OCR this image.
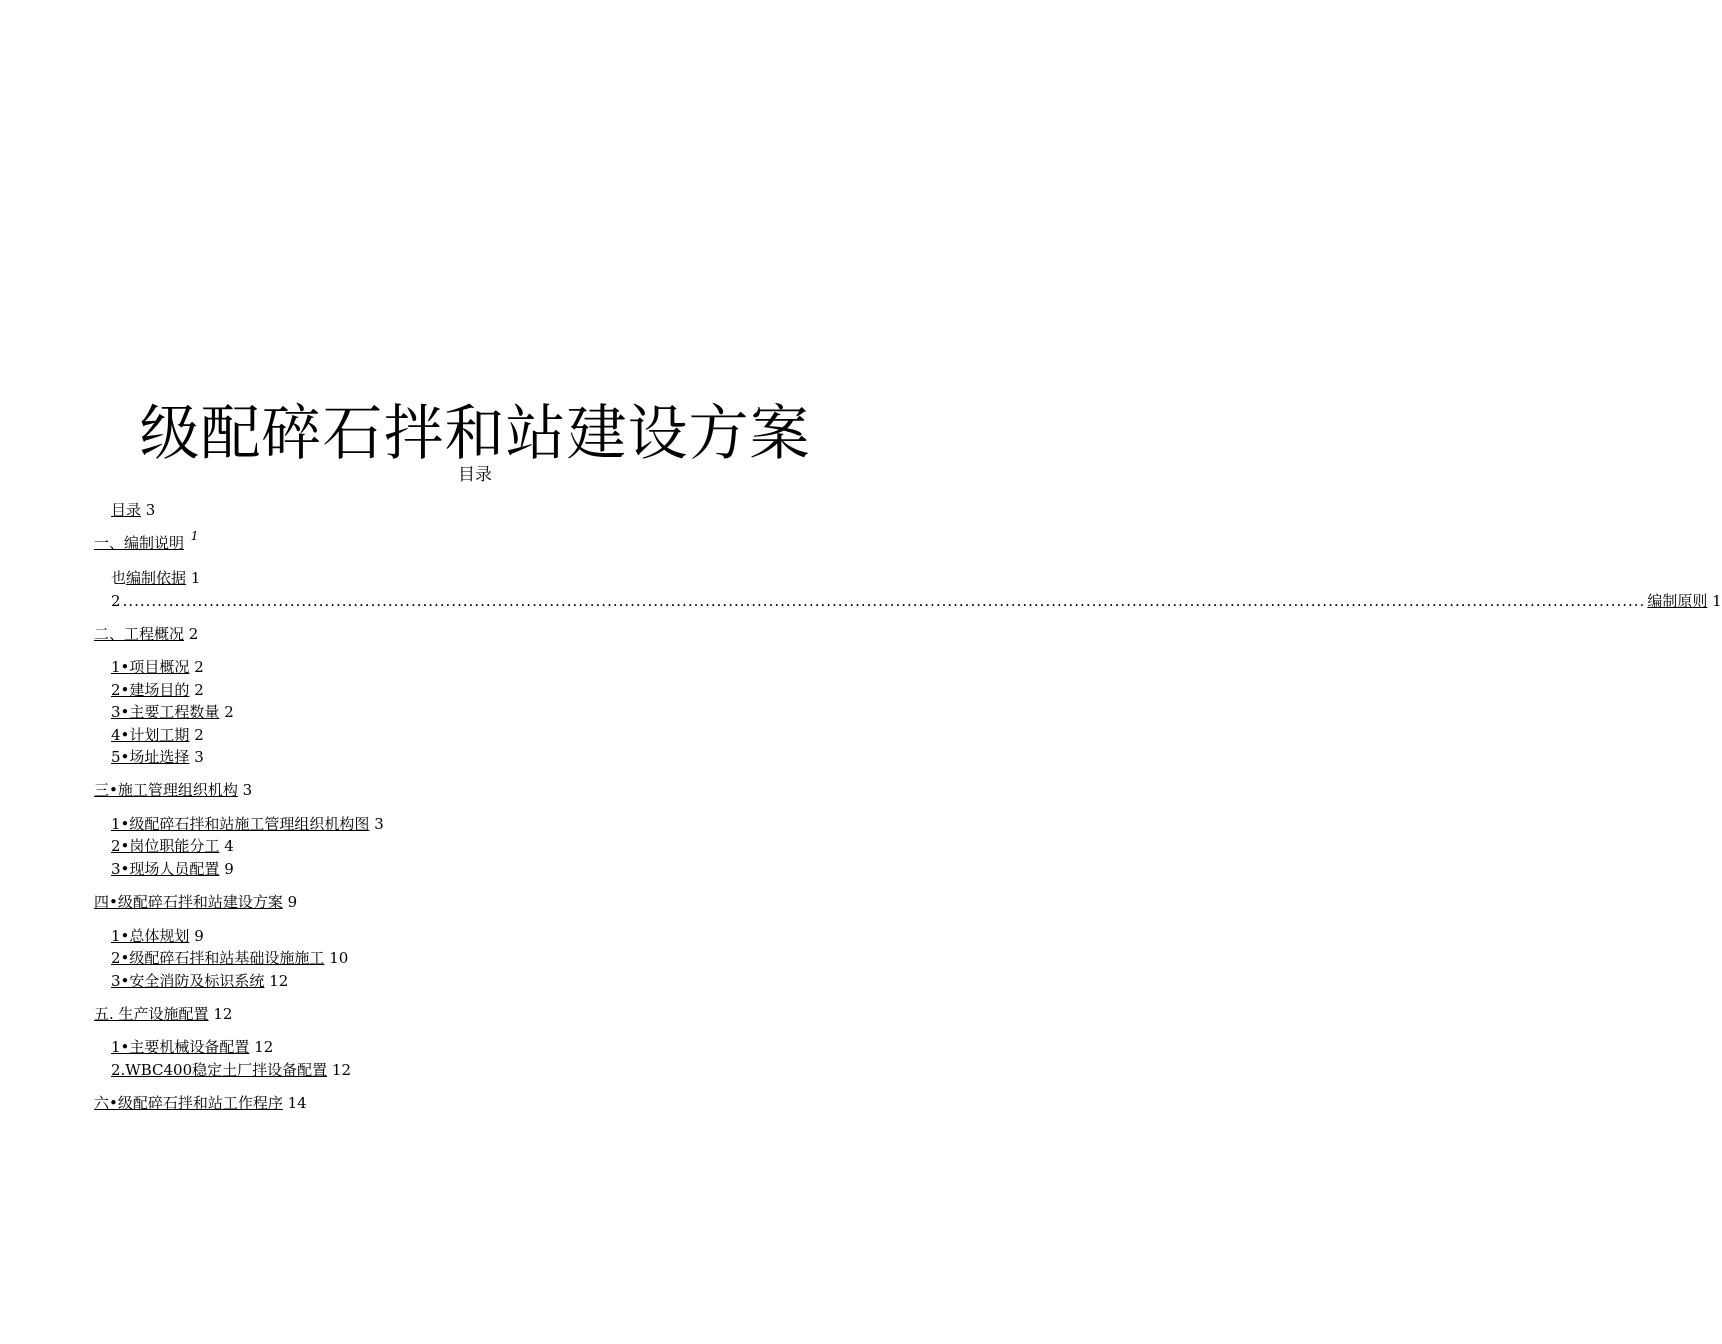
级配碎石拌和站建设方案
目录
目录 3
一、编制说明 $^1$
也编制依据 1
2 ........................................................................................................................................................................................................................................................................ 编制原则
1
二、工程概况 2
1•项目概况 2
2•建场目的 2
3•主要工程数量 2
4•计划工期 2
5•场址选择 3
三•施工管理组织机构 3
1•级配碎石拌和站施工管理组织机构图 3
2•岗位职能分工 4
3•现场人员配置 9
四•级配碎石拌和站建设方案 9
1•总体规划 9
2•级配碎石拌和站基础设施施工 10
3•安全消防及标识系统 12
五. 生产设施配置 12
1•主要机械设备配置 12
2.WBC400稳定土厂拌设备配置 12
六•级配碎石拌和站工作程序 14
